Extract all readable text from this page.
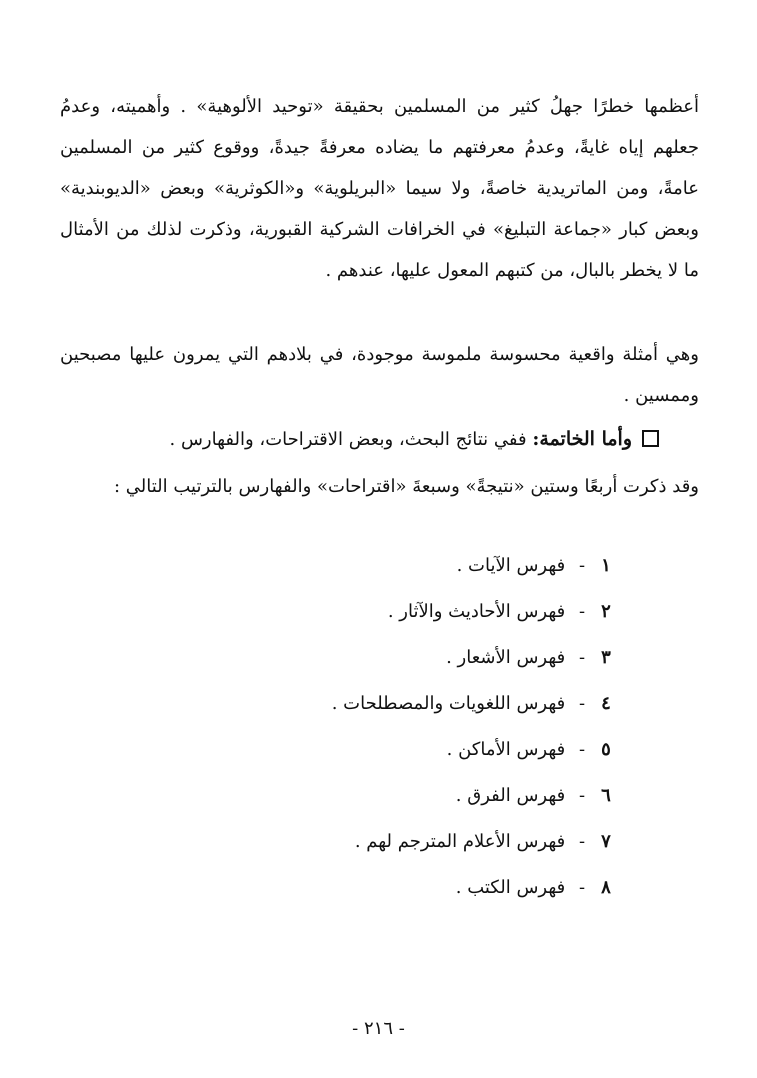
أعظمها خطرًا جهلُ كثير من المسلمين بحقيقة «توحيد الألوهية» . وأهميته، وعدمُ جعلهم إياه غايةً، وعدمُ معرفتهم ما يضاده معرفةً جيدةً، ووقوع كثير من المسلمين عامةً، ومن الماتريدية خاصةً، ولا سيما «البريلوية» و«الكوثرية» وبعض «الديوبندية» وبعض كبار «جماعة التبليغ» في الخرافات الشركية القبورية، وذكرت لذلك من الأمثال ما لا يخطر بالبال، من كتبهم المعول عليها، عندهم .

وهي أمثلة واقعية محسوسة ملموسة موجودة، في بلادهم التي يمرون عليها مصبحين وممسين .

وأما الخاتمة: ففي نتائج البحث، وبعض الاقتراحات، والفهارس .

وقد ذكرت أربعًا وستين «نتيجةً» وسبعةَ «اقتراحات» والفهارس بالترتيب التالي :

١- فهرس الآيات .
٢- فهرس الأحاديث والآثار .
٣- فهرس الأشعار .
٤- فهرس اللغويات والمصطلحات .
٥- فهرس الأماكن .
٦- فهرس الفرق .
٧- فهرس الأعلام المترجم لهم .
٨- فهرس الكتب .
- ٢١٦ -
